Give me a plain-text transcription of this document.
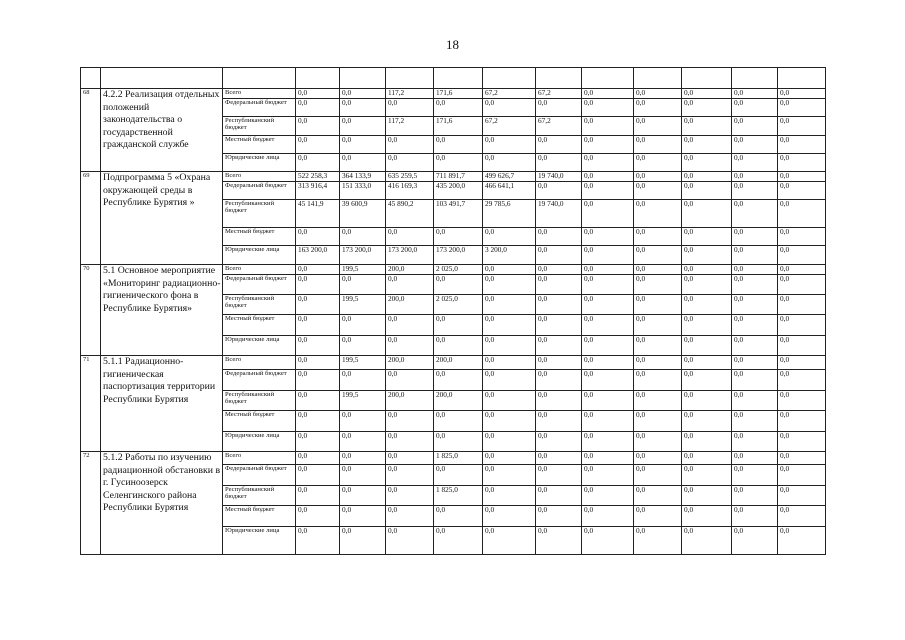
18

68	4.2.2 Реализация отдельных положений законодательства о государственной гражданской службе	Всего	0,0	0,0	117,2	171,6	67,2	67,2	0,0	0,0	0,0	0,0	0,0
		Федеральный бюджет	0,0	0,0	0,0	0,0	0,0	0,0	0,0	0,0	0,0	0,0	0,0
		Республиканский бюджет	0,0	0,0	117,2	171,6	67,2	67,2	0,0	0,0	0,0	0,0	0,0
		Местный бюджет	0,0	0,0	0,0	0,0	0,0	0,0	0,0	0,0	0,0	0,0	0,0
		Юридические лица	0,0	0,0	0,0	0,0	0,0	0,0	0,0	0,0	0,0	0,0	0,0
69	Подпрограмма 5 «Охрана окружающей среды в Республике Бурятия »	Всего	522 258,3	364 133,9	635 259,5	711 891,7	499 626,7	19 740,0	0,0	0,0	0,0	0,0	0,0
		Федеральный бюджет	313 916,4	151 333,0	416 169,3	435 200,0	466 641,1	0,0	0,0	0,0	0,0	0,0	0,0
		Республиканский бюджет	45 141,9	39 600,9	45 890,2	103 491,7	29 785,6	19 740,0	0,0	0,0	0,0	0,0	0,0
		Местный бюджет	0,0	0,0	0,0	0,0	0,0	0,0	0,0	0,0	0,0	0,0	0,0
		Юридические лица	163 200,0	173 200,0	173 200,0	173 200,0	3 200,0	0,0	0,0	0,0	0,0	0,0	0,0
70	5.1 Основное мероприятие «Мониторинг радиационно-гигиенического фона в Республике Бурятия»	Всего	0,0	199,5	200,0	2 025,0	0,0	0,0	0,0	0,0	0,0	0,0	0,0
		Федеральный бюджет	0,0	0,0	0,0	0,0	0,0	0,0	0,0	0,0	0,0	0,0	0,0
		Республиканский бюджет	0,0	199,5	200,0	2 025,0	0,0	0,0	0,0	0,0	0,0	0,0	0,0
		Местный бюджет	0,0	0,0	0,0	0,0	0,0	0,0	0,0	0,0	0,0	0,0	0,0
		Юридические лица	0,0	0,0	0,0	0,0	0,0	0,0	0,0	0,0	0,0	0,0	0,0
71	5.1.1 Радиационно-гигиеническая паспортизация территории Республики Бурятия	Всего	0,0	199,5	200,0	200,0	0,0	0,0	0,0	0,0	0,0	0,0	0,0
		Федеральный бюджет	0,0	0,0	0,0	0,0	0,0	0,0	0,0	0,0	0,0	0,0	0,0
		Республиканский бюджет	0,0	199,5	200,0	200,0	0,0	0,0	0,0	0,0	0,0	0,0	0,0
		Местный бюджет	0,0	0,0	0,0	0,0	0,0	0,0	0,0	0,0	0,0	0,0	0,0
		Юридические лица	0,0	0,0	0,0	0,0	0,0	0,0	0,0	0,0	0,0	0,0	0,0
72	5.1.2 Работы по изучению радиационной обстановки в г. Гусиноозерск Селенгинского района Республики Бурятия	Всего	0,0	0,0	0,0	1 825,0	0,0	0,0	0,0	0,0	0,0	0,0	0,0
		Федеральный бюджет	0,0	0,0	0,0	0,0	0,0	0,0	0,0	0,0	0,0	0,0	0,0
		Республиканский бюджет	0,0	0,0	0,0	1 825,0	0,0	0,0	0,0	0,0	0,0	0,0	0,0
		Местный бюджет	0,0	0,0	0,0	0,0	0,0	0,0	0,0	0,0	0,0	0,0	0,0
		Юридические лица	0,0	0,0	0,0	0,0	0,0	0,0	0,0	0,0	0,0	0,0	0,0
